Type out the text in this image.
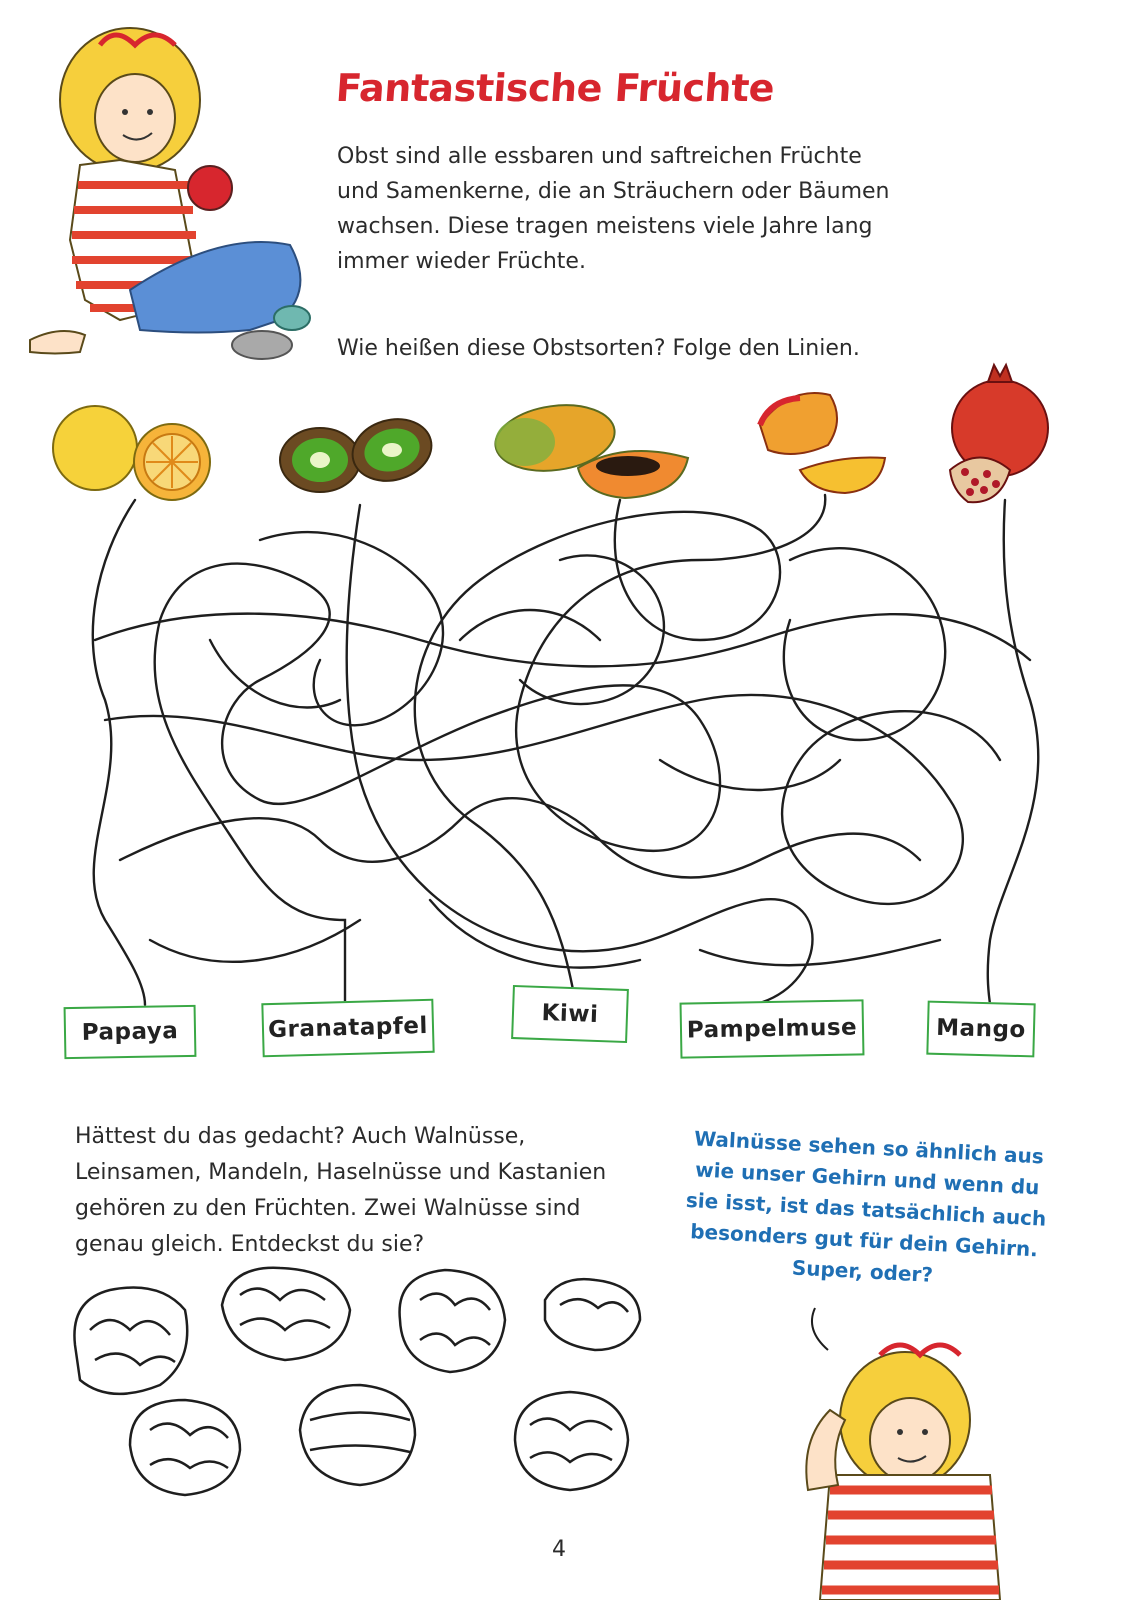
Fantastische Früchte
Obst sind alle essbaren und saftreichen Früchte
und Samenkerne, die an Sträuchern oder Bäumen
wachsen. Diese tragen meistens viele Jahre lang
immer wieder Früchte.
Wie heißen diese Obstsorten? Folge den Linien.
Papaya	Granatapfel	Kiwi
Pampelmuse	Mango
Hättest du das gedacht? Auch Walnüsse,
Leinsamen, Mandeln, Haselnüsse und Kastanien
gehören zu den Früchten. Zwei Walnüsse sind
genau gleich. Entdeckst du sie?
Walnüsse sehen so ähnlich aus
wie unser Gehirn und wenn du
sie isst, ist das tatsächlich auch
besonders gut für dein Gehirn.
Super, oder?
4
